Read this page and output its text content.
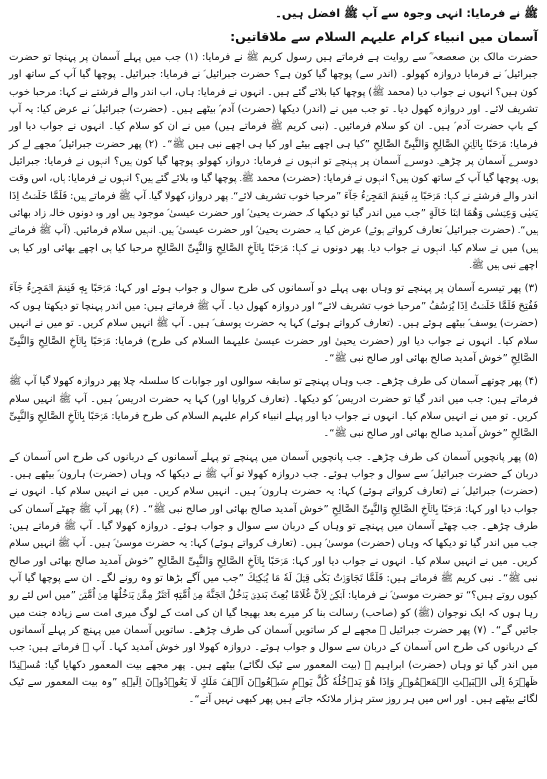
ﷺ نے فرمایا: انہی وجوہ سے آپ ﷺ افضل ہیں۔
آسمان میں انبیاء کرام علیہم السلام سے ملاقاتیں:

حضرت مالک بن صعصعہ ؓ سے روایت ہے فرماتے ہیں رسول کریم ﷺ نے فرمایا: (۱) جب میں پہلے آسمان پر پہنچا تو حضرت جبرائیل ؑ نے فرمایا دروازہ کھولو۔ (اندر سے) پوچھا گیا کون ہے؟ حضرت جبرائیل ؑ نے فرمایا: جبرائیل۔ پوچھا گیا آپ کے ساتھ اور کون ہیں؟ انہوں نے جواب دیا (محمد ﷺ) پوچھا کیا بلائے گئے ہیں۔ انہوں نے فرمایا: ہاں، اب اندر والے فرشتے نے کہا: مرحبا خوب تشریف لائے۔ اور دروازہ کھول دیا۔ تو جب میں نے (اندر) دیکھا (حضرت) آدم ؑ بیٹھے ہیں۔ (حضرت) جبرائیل ؑ نے عرض کیا: یہ آپ کے باپ حضرت آدم ؑ ہیں۔ ان کو سلام فرمائیں۔ (نبی کریم ﷺ فرماتے ہیں) میں نے ان کو سلام کیا۔ انہوں نے جواب دیا اور فرمایا: مَرۡحَبًا بِالۡاِبۡنِ الصَّالِحِ وَالنَّبِیِّ الصَّالِحِ ”کیا ہی اچھے بیٹے اور کیا ہی اچھے نبی ہیں ﷺ“۔ (۲) پھر حضرت جبرائیل ؑ مجھے لے کر دوسرے آسمان پر چڑھے۔ دوسرے آسمان پر پہنچے تو انہوں نے فرمایا: دروازہ کھولو۔ پوچھا گیا کون ہیں؟ انہوں نے فرمایا: جبرائیل ہوں۔ پوچھا گیا آپ کے ساتھ کون ہیں؟ انہوں نے فرمایا: (حضرت) محمد ﷺ۔ پوچھا گیا وہ بلائے گئے ہیں؟ انہوں نے فرمایا: ہاں، اس وقت اندر والے فرشتے نے کہا: مَرۡحَبًا بِهٖ فَنِعۡمَ الۡمَجِیۡءُ جَآءَ ”مرحبا خوب تشریف لائے“۔ پھر دروازہ کھولا گیا۔ آپ ﷺ فرماتے ہیں: فَلَمَّا خَلَصۡتُ اِذَا یَحۡیٰی وَعِیۡسٰی وَهُمَا ابۡنَا خَالَةٍ ”جب میں اندر گیا تو دیکھا کہ حضرت یحییٰ ؑ اور حضرت عیسیٰ ؑ موجود ہیں اور وہ دونوں خالہ زاد بھائی ہیں“۔ (حضرت جبرائیل ؑ تعارف کرواتے ہوئے) عرض کیا یہ حضرت یحییٰ ؑ اور حضرت عیسیٰ ؑ ہیں۔ انہیں سلام فرمائیں۔ (آپ ﷺ فرماتے ہیں) میں نے سلام کیا۔ انہوں نے جواب دیا۔ پھر دونوں نے کہا: مَرۡحَبًا بِالۡاَخِ الصَّالِحِ وَالنَّبِیِّ الصَّالِحِ مرحبا کیا ہی اچھے بھائی اور کیا ہی اچھے نبی ہیں ﷺ۔

(۳) پھر تیسرے آسمان پر پہنچے تو وہاں بھی پہلے دو آسمانوں کی طرح سوال و جواب ہوئے اور کہا: مَرۡحَبًا بِهٖ فَنِعۡمَ الۡمَجِیۡءُ جَآءَ فَفُتِحَ فَلَمَّا خَلَصۡتُ اِذَا یُوۡسُفُ ”مرحبا خوب تشریف لائے“ اور دروازہ کھول دیا۔ آپ ﷺ فرماتے ہیں: میں اندر پہنچا تو دیکھتا ہوں کہ (حضرت) یوسف ؑ بیٹھے ہوئے ہیں۔ (تعارف کرواتے ہوئے) کہا یہ حضرت یوسف ؑ ہیں۔ آپ ﷺ انہیں سلام کریں۔ تو میں نے انہیں سلام کیا۔ انہوں نے جواب دیا اور (حضرت یحییٰ اور حضرت عیسیٰ علیہما السلام کی طرح) فرمایا: مَرۡحَبًا بِالۡاَخِ الصَّالِحِ وَالنَّبِیِّ الصَّالِحِ ”خوش آمدید صالح بھائی اور صالح نبی ﷺ“۔

(۴) پھر چوتھے آسمان کی طرف چڑھے۔ جب وہاں پہنچے تو سابقہ سوالوں اور جوابات کا سلسلہ چلا پھر دروازہ کھولا گیا آپ ﷺ فرماتے ہیں: جب میں اندر گیا تو حضرت ادریس ؑ کو دیکھا۔ (تعارف کروایا اور) کہا یہ حضرت ادریس ؑ ہیں۔ آپ ﷺ انہیں سلام کریں۔ تو میں نے انہیں سلام کیا۔ انہوں نے جواب دیا اور پہلے انبیاء کرام علیہم السلام کی طرح فرمایا: مَرۡحَبًا بِالۡاَخِ الصَّالِحِ وَالنَّبِیِّ الصَّالِحِ ”خوش آمدید صالح بھائی اور صالح نبی ﷺ“۔

(۵) پھر پانچویں آسمان کی طرف چڑھے۔ جب پانچویں آسمان میں پہنچے تو پہلے آسمانوں کے دربانوں کی طرح اس آسمان کے دربان کے حضرت جبرائیل ؑ سے سوال و جواب ہوئے۔ جب دروازہ کھولا تو آپ ﷺ نے دیکھا کہ وہاں (حضرت) ہارون ؑ بیٹھے ہیں۔ (حضرت) جبرائیل ؑ نے (تعارف کرواتے ہوئے) کہا: یہ حضرت ہارون ؑ ہیں۔ انہیں سلام کریں۔ میں نے انہیں سلام کیا۔ انہوں نے جواب دیا اور کہا: مَرۡحَبًا بِالۡاَخِ الصَّالِحِ وَالنَّبِیِّ الصَّالِحِ ”خوش آمدید صالح بھائی اور صالح نبی ﷺ“۔ (۶) پھر آپ ﷺ چھٹے آسمان کی طرف چڑھے۔ جب چھٹے آسمان میں پہنچے تو وہاں کے دربان سے سوال و جواب ہوئے۔ دروازہ کھولا گیا۔ آپ ﷺ فرماتے ہیں: جب میں اندر گیا تو دیکھا کہ وہاں (حضرت) موسیٰ ؑ ہیں۔ (تعارف کرواتے ہوئے) کہا: یہ حضرت موسیٰ ؑ ہیں۔ آپ ﷺ انہیں سلام کریں۔ میں نے انہیں سلام کیا۔ انہوں نے جواب دیا اور کہا: مَرۡحَبًا بِالۡاَخِ الصَّالِحِ وَالنَّبِیِّ الصَّالِحِ ”خوش آمدید صالح بھائی اور صالح نبی ﷺ“۔ نبی کریم ﷺ فرماتے ہیں: فَلَمَّا تَجَاوَزۡتُ بَکٰی قِیۡلَ لَهٗ مَا یُبۡکِیۡكَ ”جب میں آگے بڑھا تو وہ رونے لگے۔ ان سے پوچھا گیا آپ کیوں روتے ہیں؟“ تو حضرت موسیٰ ؑ نے فرمایا: اَبۡکِیۡ لِاَنَّ غُلَامًا بُعِثَ بَعۡدِیۡ یَدۡخُلُ الۡجَنَّةَ مِنۡ اُمَّتِهٖ اَکۡثَرُ مِمَّنۡ یَدۡخُلُهَا مِنۡ اُمَّتِیۡ ”میں اس لئے رو رہا ہوں کہ ایک نوجوان (ﷺ) کو (صاحب) رسالت بنا کر میرے بعد بھیجا گیا ان کی امت کے لوگ میری امت سے زیادہ جنت میں جائیں گے“۔ (۷) پھر حضرت جبرائیل ؑ مجھے لے کر ساتویں آسمان کی طرف چڑھے۔ ساتویں آسمان میں پہنچ کر پہلے آسمانوں کے دربانوں کی طرح اس آسمان کے دربان سے سوال و جواب ہوئے۔ دروازہ کھولا اور خوش آمدید کہا۔ آپ ﷺ فرماتے ہیں: جب میں اندر گیا تو وہاں (حضرت) ابراہیم ؑ (بیت المعمور سے ٹیک لگائے) بیٹھے ہیں۔ پھر مجھے بیت المعمور دکھایا گیا: مُسۡنِدًا ظَهۡرَهٗ اِلَی الۡبَیۡتِ الۡمَعۡمُوۡرِ وَاِذَا هُوَ یَدۡخُلُهٗ کُلَّ یَوۡمٍ سَبۡعُوۡنَ اَلۡفَ مَلَكٍ لَا یَعُوۡدُوۡنَ اِلَیۡهِ ”وہ بیت المعمور سے ٹیک لگائے بیٹھے ہیں۔ اور اس میں ہر روز ستر ہزار ملائکہ جاتے ہیں پھر کبھی نہیں آتے“۔
